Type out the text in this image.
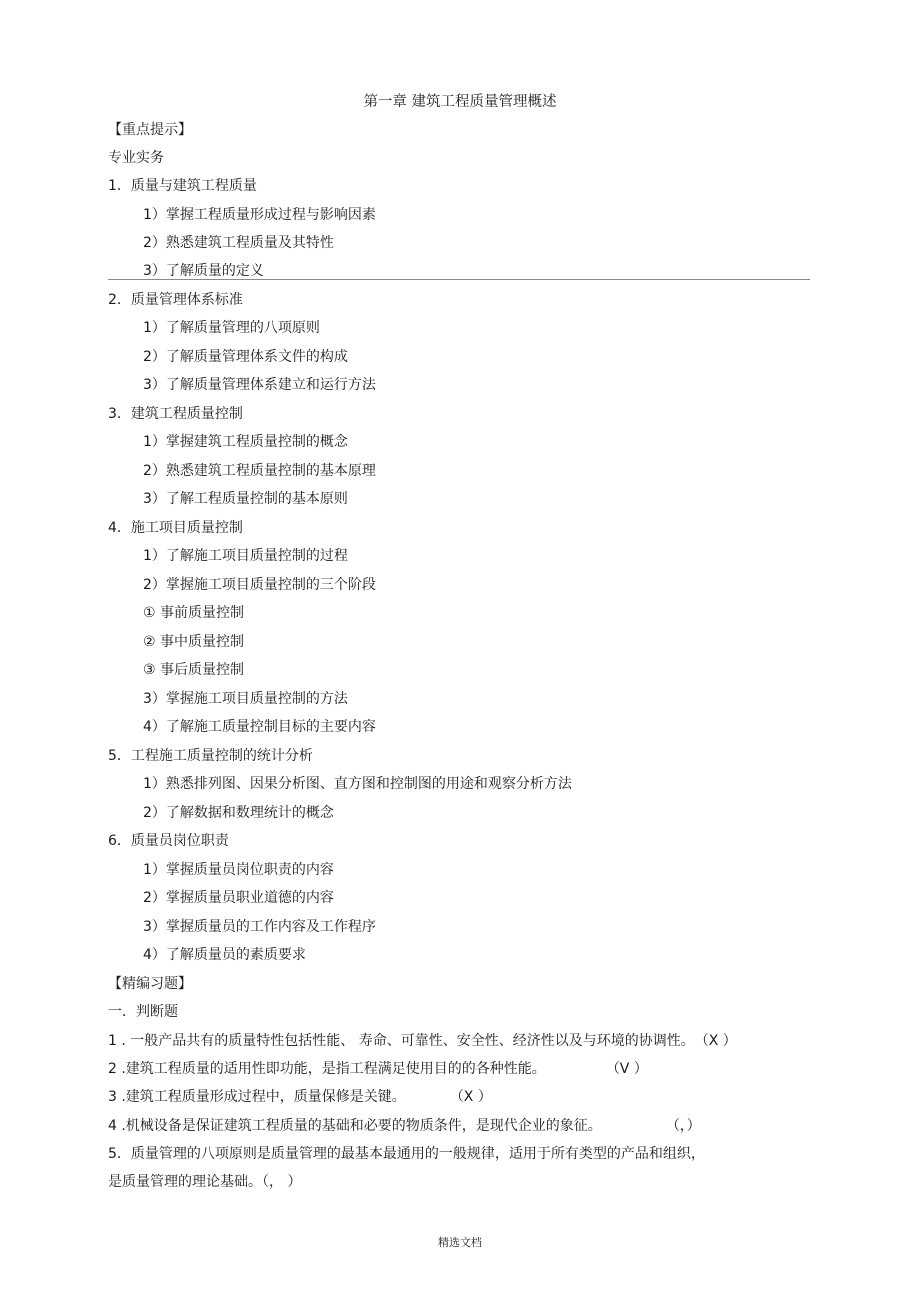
第一章 建筑工程质量管理概述
【重点提示】
专业实务
1．质量与建筑工程质量
1）掌握工程质量形成过程与影响因素
2）熟悉建筑工程质量及其特性
3）了解质量的定义
2．质量管理体系标准
1）了解质量管理的八项原则
2）了解质量管理体系文件的构成
3）了解质量管理体系建立和运行方法
3．建筑工程质量控制
1）掌握建筑工程质量控制的概念
2）熟悉建筑工程质量控制的基本原理
3）了解工程质量控制的基本原则
4．施工项目质量控制
1）了解施工项目质量控制的过程
2）掌握施工项目质量控制的三个阶段
① 事前质量控制
② 事中质量控制
③ 事后质量控制
3）掌握施工项目质量控制的方法
4）了解施工质量控制目标的主要内容
5．工程施工质量控制的统计分析
1）熟悉排列图、因果分析图、直方图和控制图的用途和观察分析方法
2）了解数据和数理统计的概念
6．质量员岗位职责
1）掌握质量员岗位职责的内容
2）掌握质量员职业道德的内容
3）掌握质量员的工作内容及工作程序
4）了解质量员的素质要求
【精编习题】
一．判断题
1 . 一般产品共有的质量特性包括性能、 寿命、可靠性、安全性、经济性以及与环境的协调性。（X ）
2 .建筑工程质量的适用性即功能，是指工程满足使用目的的各种性能。	（V ）
3 .建筑工程质量形成过程中，质量保修是关键。	（X ）
4 .机械设备是保证建筑工程质量的基础和必要的物质条件，是现代企业的象征。	（，）
5．质量管理的八项原则是质量管理的最基本最通用的一般规律，适用于所有类型的产品和组织，
是质量管理的理论基础。（， ）
精选文档
